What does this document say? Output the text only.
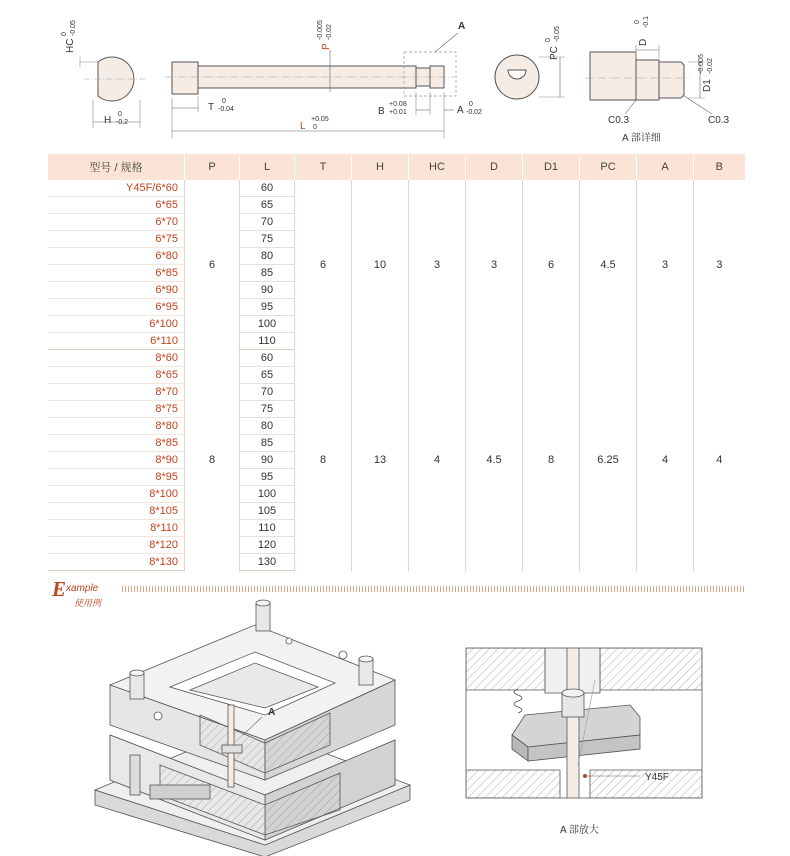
HC
0 -0.05
H
0
-0.2
P
-0.005 -0.02
T
0
-0.04
L
+0.05
0
B
+0.08
+0.01	A
0
-0.02
A
PC
0 -0.05
D
0 -0.1
D1
-0.005 -0.02
C0.3	C0.3
A 部详细
型号 / 规格	P	L	T	H	HC	D	D1	PC	A	B
Y45F/6*60	6	60	6	10	3	3	6	4.5	3	3
6*65		65								
6*70		70								
6*75		75								
6*80		80								
6*85		85								
6*90		90								
6*95		95								
6*100		100								
6*110		110								
8*60	8	60	8	13	4	4.5	8	6.25	4	4
8*65		65								
8*70		70								
8*75		75								
8*80		80								
8*85		85								
8*90		90								
8*95		95								
8*100		100								
8*105		105								
8*110		110								
8*120		120								
8*130		130								
E xample
使用例
A
Y45F
A 部放大
